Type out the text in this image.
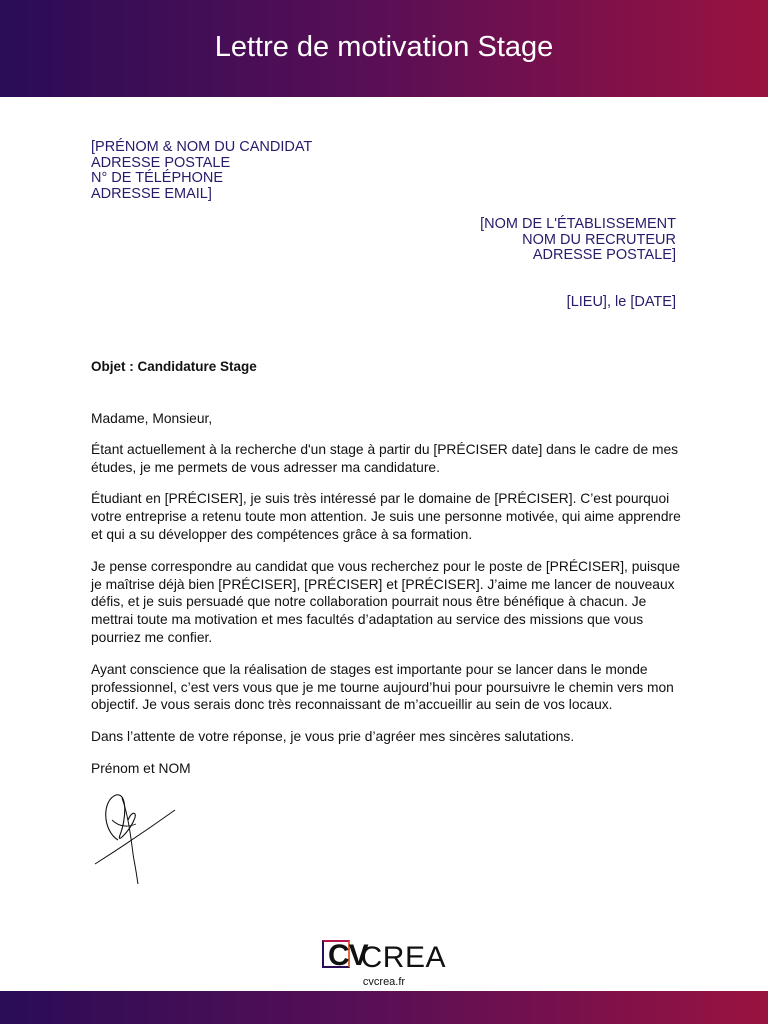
Lettre de motivation Stage
[PRÉNOM & NOM DU CANDIDAT
ADRESSE POSTALE
N° DE TÉLÉPHONE
ADRESSE EMAIL]
[NOM DE L'ÉTABLISSEMENT
NOM DU RECRUTEUR
ADRESSE POSTALE]
[LIEU], le [DATE]
Objet : Candidature Stage

Madame, Monsieur,

Étant actuellement à la recherche d'un stage à partir du [PRÉCISER date] dans le cadre de mes études, je me permets de vous adresser ma candidature.

Étudiant en [PRÉCISER], je suis très intéressé par le domaine de [PRÉCISER]. C’est pourquoi votre entreprise a retenu toute mon attention. Je suis une personne motivée, qui aime apprendre et qui a su développer des compétences grâce à sa formation.

Je pense correspondre au candidat que vous recherchez pour le poste de [PRÉCISER], puisque je maîtrise déjà bien [PRÉCISER], [PRÉCISER] et [PRÉCISER]. J’aime me lancer de nouveaux défis, et je suis persuadé que notre collaboration pourrait nous être bénéfique à chacun. Je mettrai toute ma motivation et mes facultés d’adaptation au service des missions que vous pourriez me confier.

Ayant conscience que la réalisation de stages est importante pour se lancer dans le monde professionnel, c’est vers vous que je me tourne aujourd’hui pour poursuivre le chemin vers mon objectif. Je vous serais donc très reconnaissant de m’accueillir au sein de vos locaux.

Dans l’attente de votre réponse, je vous prie d’agréer mes sincères salutations.

Prénom et NOM

CV
CREA
cvcrea.fr
